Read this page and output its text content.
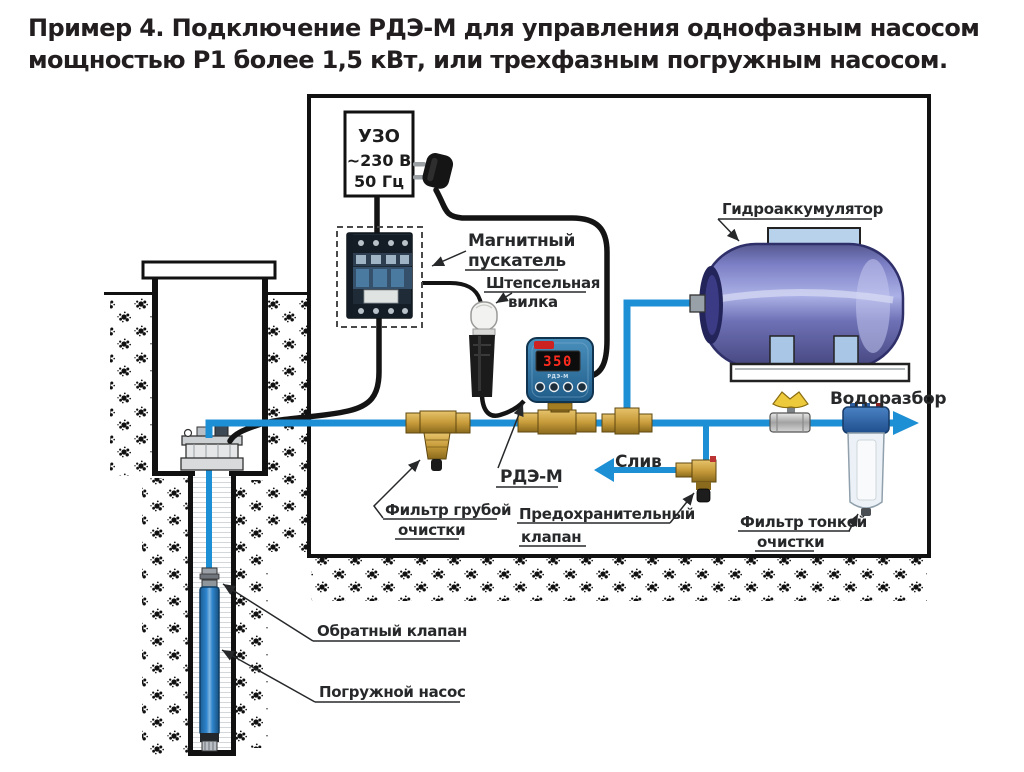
Пример 4. Подключение РДЭ-М для управления однофазным насосом
мощностью Р1 более 1,5 кВт, или трехфазным погружным насосом.
УЗО
~230 В
50 Гц
350
РДЭ-М
Гидроаккумулятор
Магнитный
пускатель
Штепсельная
вилка
РДЭ-М
Фильтр грубой
очистки
Предохранительный
клапан
Слив
Водоразбор
Фильтр тонкой
очистки
Обратный клапан
Погружной насос
